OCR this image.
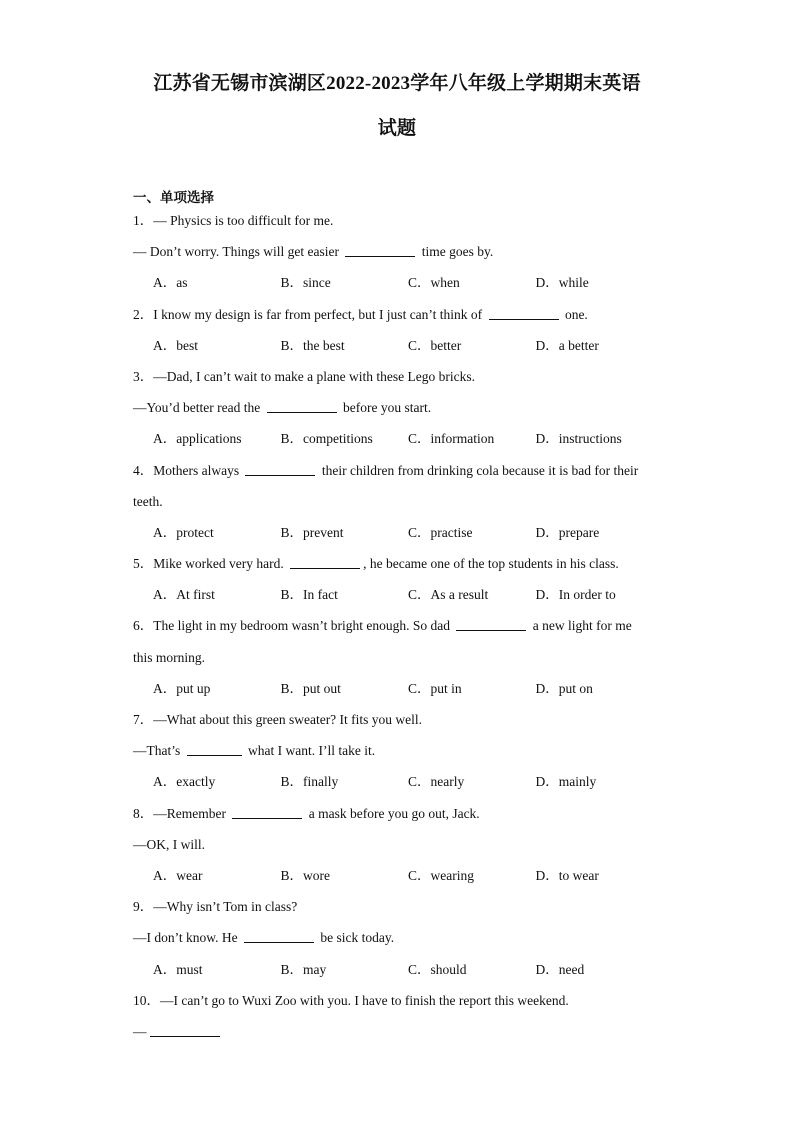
江苏省无锡市滨湖区2022-2023学年八年级上学期期末英语
试题
一、单项选择
1．— Physics is too difficult for me.
— Don’t worry. Things will get easier	time goes by.
A．as	B．since	C．when	D．while
2．I know my design is far from perfect, but I just can’t think of	one.
A．best	B．the best	C．better	D．a better
3．—Dad, I can’t wait to make a plane with these Lego bricks.
—You’d better read the	before you start.
A．applications	B．competitions	C．information	D．instructions
4．Mothers always	their children from drinking cola because it is bad for their
teeth.
A．protect	B．prevent	C．practise	D．prepare
5．Mike worked very hard.	, he became one of the top students in his class.
A．At first	B．In fact	C．As a result	D．In order to
6．The light in my bedroom wasn’t bright enough. So dad	a new light for me
this morning.
A．put up	B．put out	C．put in	D．put on
7．—What about this green sweater? It fits you well.
—That’s	what I want. I’ll take it.
A．exactly	B．finally	C．nearly	D．mainly
8．—Remember	a mask before you go out, Jack.
—OK, I will.
A．wear	B．wore	C．wearing	D．to wear
9．—Why isn’t Tom in class?
—I don’t know. He	be sick today.
A．must	B．may	C．should	D．need
10．—I can’t go to Wuxi Zoo with you. I have to finish the report this weekend.
—
